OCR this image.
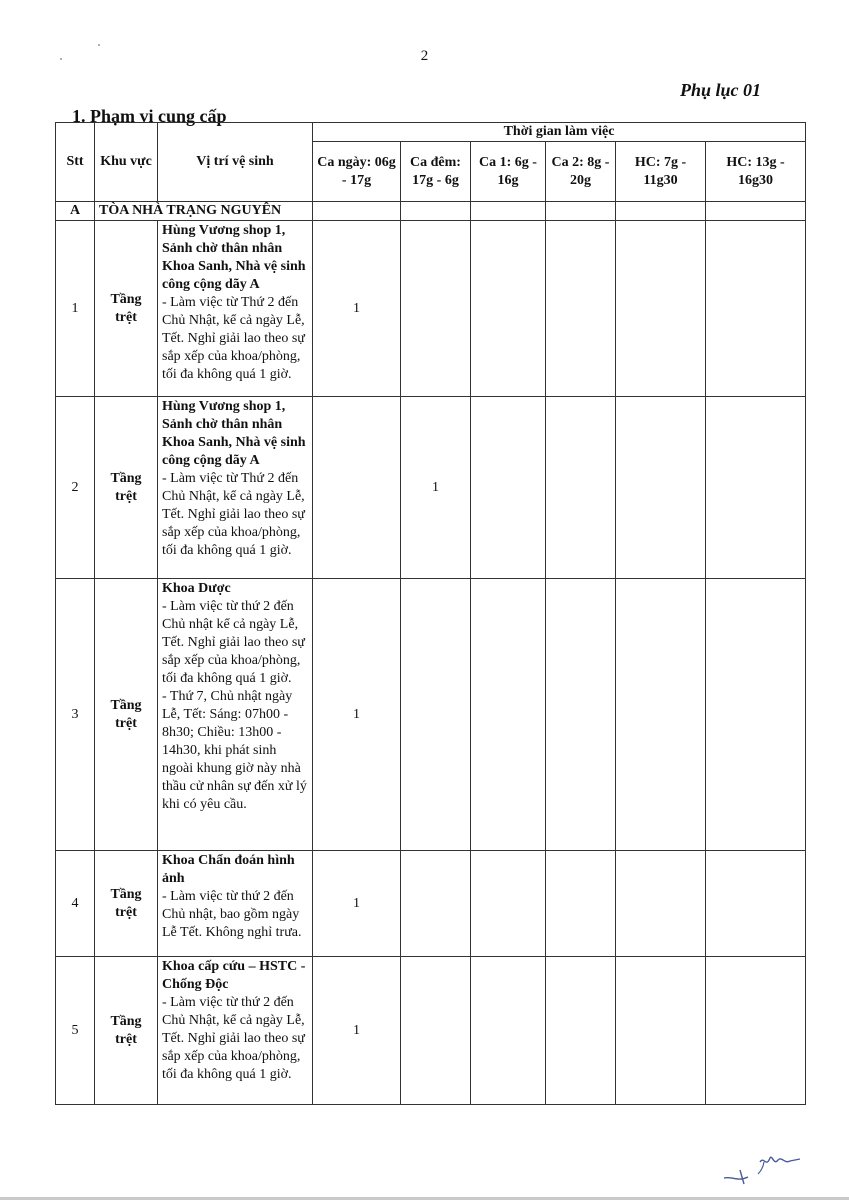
2
Phụ lục 01
1. Phạm vi cung cấp
Stt	Khu vực	Vị trí vệ sinh	Thời gian làm việc					
			Ca ngày: 06g - 17g	Ca đêm: 17g - 6g	Ca 1: 6g - 16g	Ca 2: 8g - 20g	HC: 7g - 11g30	HC: 13g - 16g30
A	TÒA NHÀ TRẠNG NGUYÊN							
1	Tầng trệt	Hùng Vương shop 1, Sảnh chờ thân nhân Khoa Sanh, Nhà vệ sinh công cộng dãy A
- Làm việc từ Thứ 2 đến Chủ Nhật, kể cả ngày Lễ, Tết. Nghỉ giải lao theo sự sắp xếp của khoa/phòng, tối đa không quá 1 giờ.	1					
2	Tầng trệt	Hùng Vương shop 1, Sảnh chờ thân nhân Khoa Sanh, Nhà vệ sinh công cộng dãy A
- Làm việc từ Thứ 2 đến Chủ Nhật, kể cả ngày Lễ, Tết. Nghỉ giải lao theo sự sắp xếp của khoa/phòng, tối đa không quá 1 giờ.		1				
3	Tầng trệt	Khoa Dược
- Làm việc từ thứ 2 đến Chủ nhật kể cả ngày Lễ, Tết. Nghỉ giải lao theo sự sắp xếp của khoa/phòng, tối đa không quá 1 giờ.
- Thứ 7, Chủ nhật ngày Lễ, Tết: Sáng: 07h00 - 8h30; Chiều: 13h00 - 14h30, khi phát sinh ngoài khung giờ này nhà thầu cử nhân sự đến xử lý khi có yêu cầu.	1					
4	Tầng trệt	Khoa Chẩn đoán hình ảnh
- Làm việc từ thứ 2 đến Chủ nhật, bao gồm ngày Lễ Tết. Không nghỉ trưa.	1					
5	Tầng trệt	Khoa cấp cứu – HSTC - Chống Độc
- Làm việc từ thứ 2 đến Chủ Nhật, kể cả ngày Lễ, Tết. Nghỉ giải lao theo sự sắp xếp của khoa/phòng, tối đa không quá 1 giờ.	1					
